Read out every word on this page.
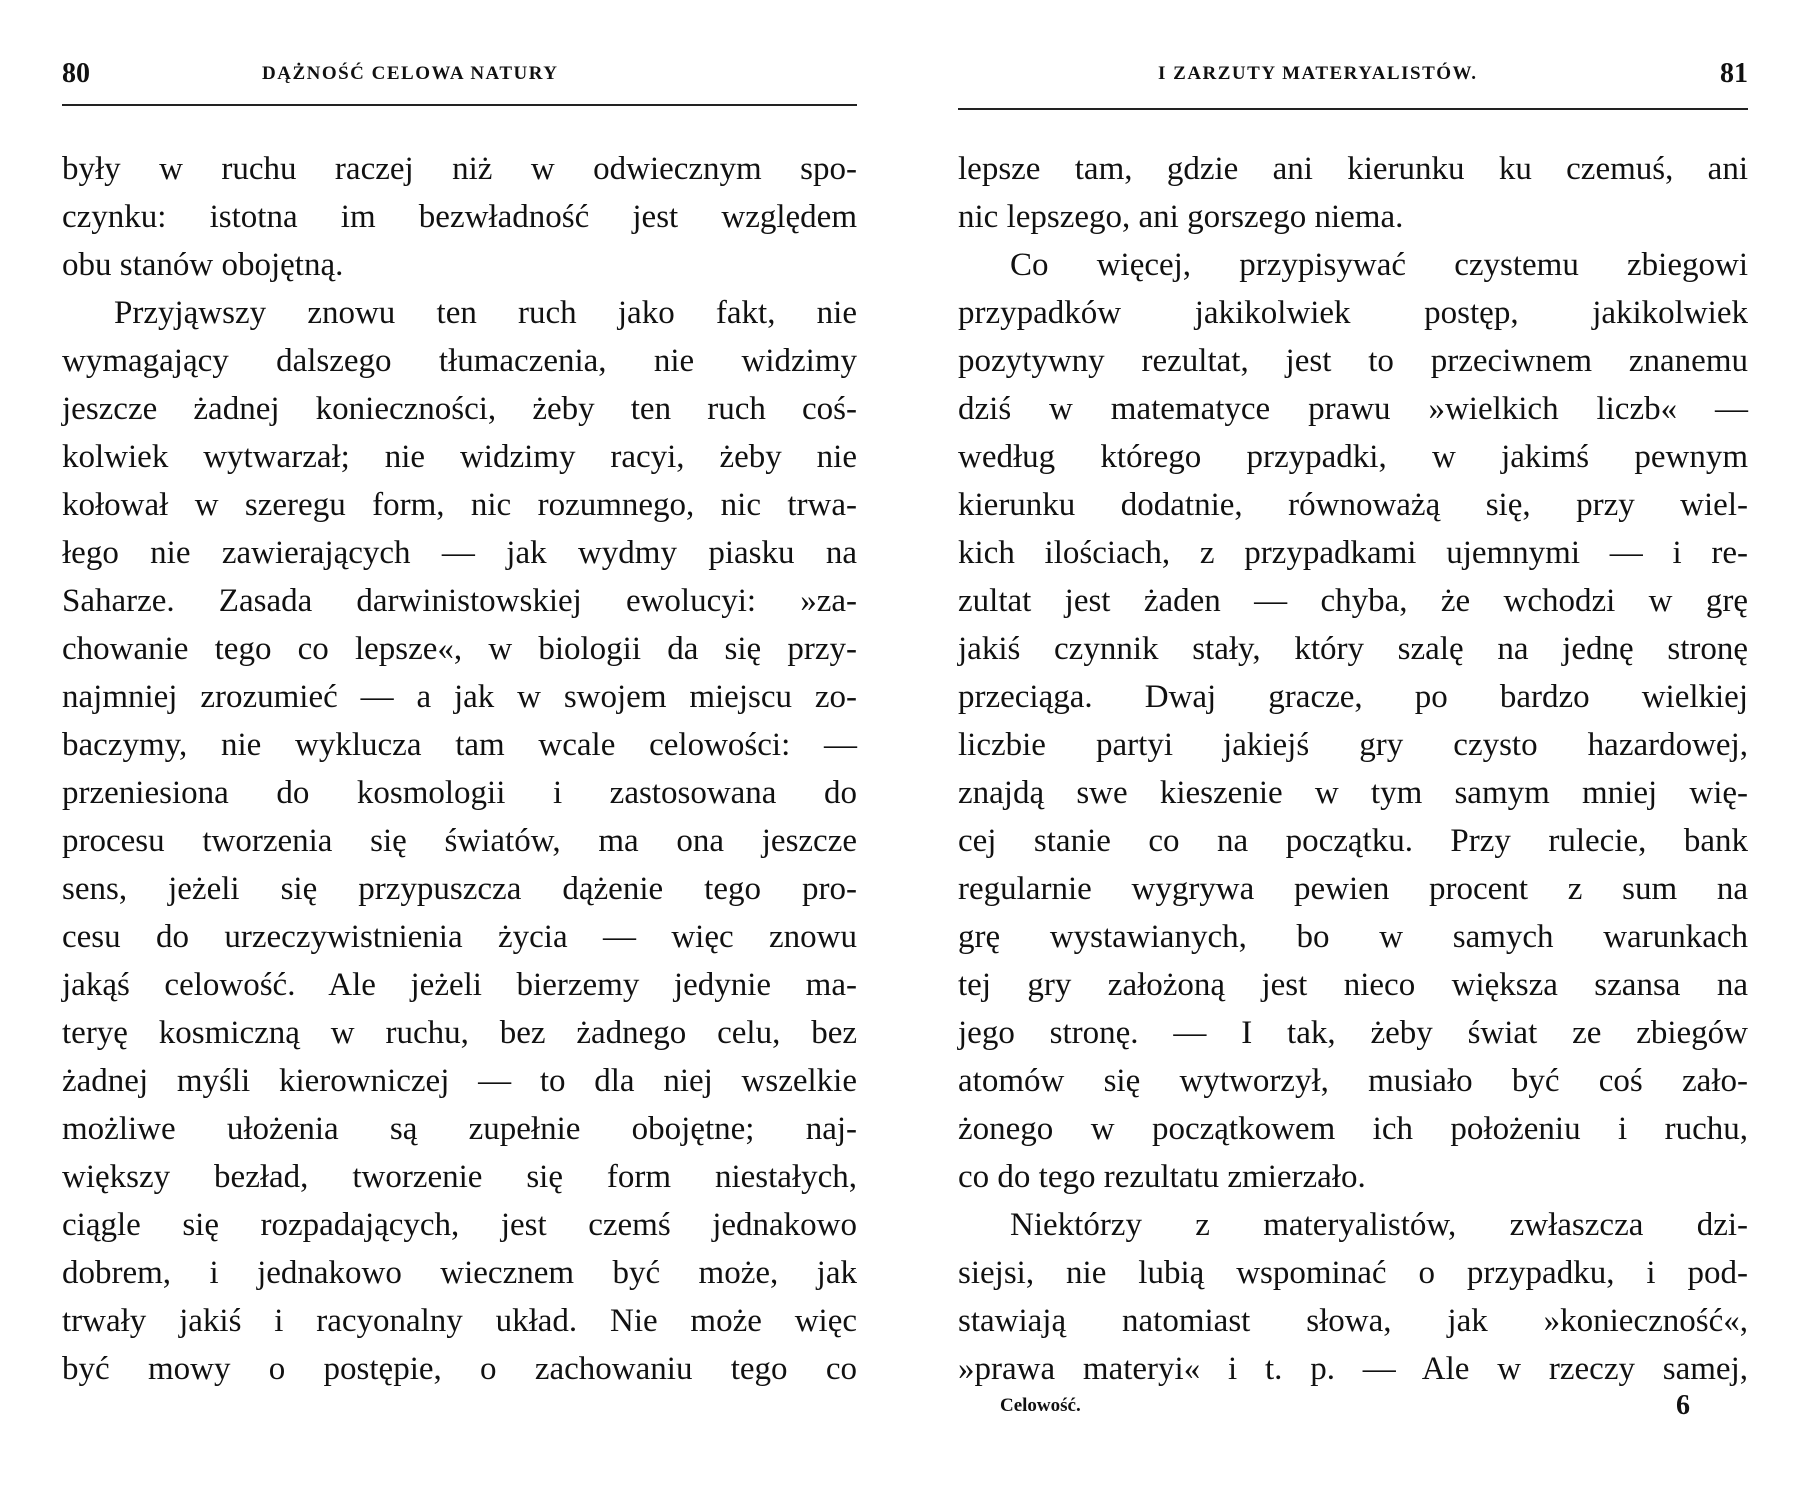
80	DĄŻNOŚĆ CELOWA NATURY
były w ruchu raczej niż w odwiecznym spo-
czynku: istotna im bezwładność jest względem
obu stanów obojętną.
Przyjąwszy znowu ten ruch jako fakt, nie
wymagający dalszego tłumaczenia, nie widzimy
jeszcze żadnej konieczności, żeby ten ruch coś-
kolwiek wytwarzał; nie widzimy racyi, żeby nie
kołował w szeregu form, nic rozumnego, nic trwa-
łego nie zawierających — jak wydmy piasku na
Saharze. Zasada darwinistowskiej ewolucyi: »za-
chowanie tego co lepsze«, w biologii da się przy-
najmniej zrozumieć — a jak w swojem miejscu zo-
baczymy, nie wyklucza tam wcale celowości: —
przeniesiona do kosmologii i zastosowana do
procesu tworzenia się światów, ma ona jeszcze
sens, jeżeli się przypuszcza dążenie tego pro-
cesu do urzeczywistnienia życia — więc znowu
jakąś celowość. Ale jeżeli bierzemy jedynie ma-
teryę kosmiczną w ruchu, bez żadnego celu, bez
żadnej myśli kierowniczej — to dla niej wszelkie
możliwe ułożenia są zupełnie obojętne; naj-
większy bezład, tworzenie się form niestałych,
ciągle się rozpadających, jest czemś jednakowo
dobrem, i jednakowo wiecznem być może, jak
trwały jakiś i racyonalny układ. Nie może więc
być mowy o postępie, o zachowaniu tego co
I ZARZUTY MATERYALISTÓW.	81
lepsze tam, gdzie ani kierunku ku czemuś, ani
nic lepszego, ani gorszego niema.
Co więcej, przypisywać czystemu zbiegowi
przypadków jakikolwiek postęp, jakikolwiek
pozytywny rezultat, jest to przeciwnem znanemu
dziś w matematyce prawu »wielkich liczb« —
według którego przypadki, w jakimś pewnym
kierunku dodatnie, równoważą się, przy wiel-
kich ilościach, z przypadkami ujemnymi — i re-
zultat jest żaden — chyba, że wchodzi w grę
jakiś czynnik stały, który szalę na jednę stronę
przeciąga. Dwaj gracze, po bardzo wielkiej
liczbie partyi jakiejś gry czysto hazardowej,
znajdą swe kieszenie w tym samym mniej wię-
cej stanie co na początku. Przy rulecie, bank
regularnie wygrywa pewien procent z sum na
grę wystawianych, bo w samych warunkach
tej gry założoną jest nieco większa szansa na
jego stronę. — I tak, żeby świat ze zbiegów
atomów się wytworzył, musiało być coś zało-
żonego w początkowem ich położeniu i ruchu,
co do tego rezultatu zmierzało.
Niektórzy z materyalistów, zwłaszcza dzi-
siejsi, nie lubią wspominać o przypadku, i pod-
stawiają natomiast słowa, jak »konieczność«,
»prawa materyi« i t. p. — Ale w rzeczy samej,
Celowość.	6
